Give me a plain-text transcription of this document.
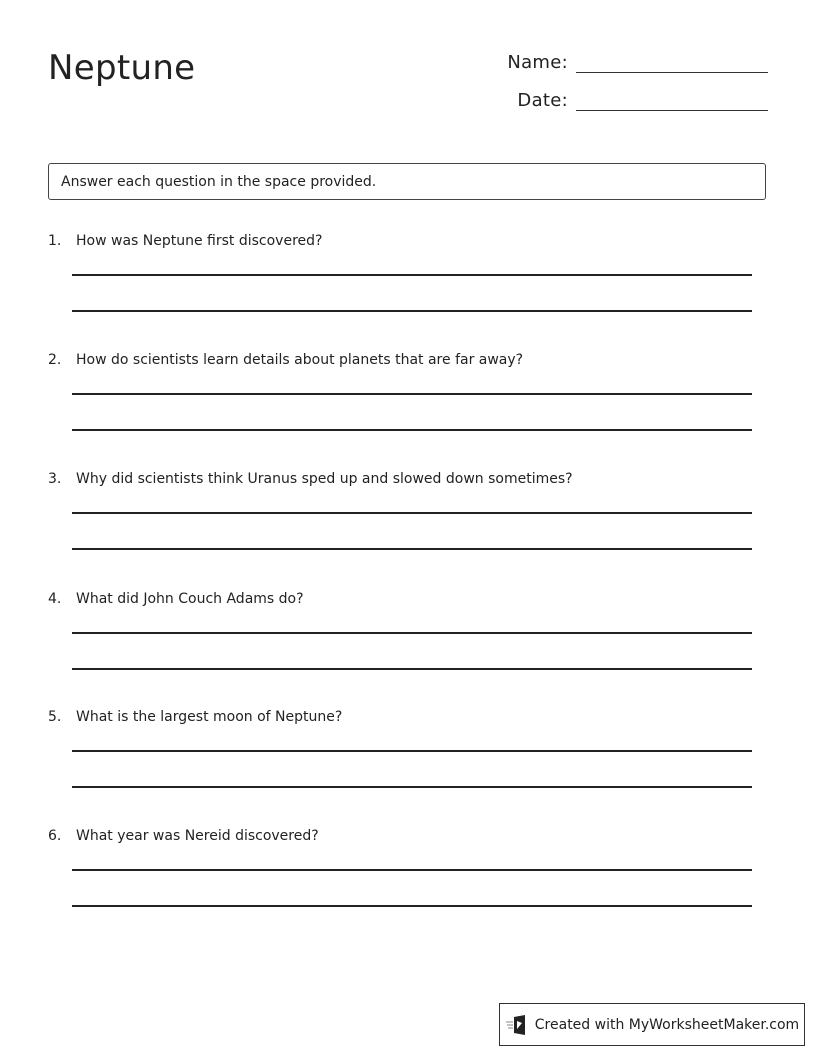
Neptune	Name:
Date:
Answer each question in the space provided.
1.	How was Neptune first discovered?
2.	How do scientists learn details about planets that are far away?
3.	Why did scientists think Uranus sped up and slowed down sometimes?
4.	What did John Couch Adams do?
5.	What is the largest moon of Neptune?
6.	What year was Nereid discovered?
Created with MyWorksheetMaker.com
